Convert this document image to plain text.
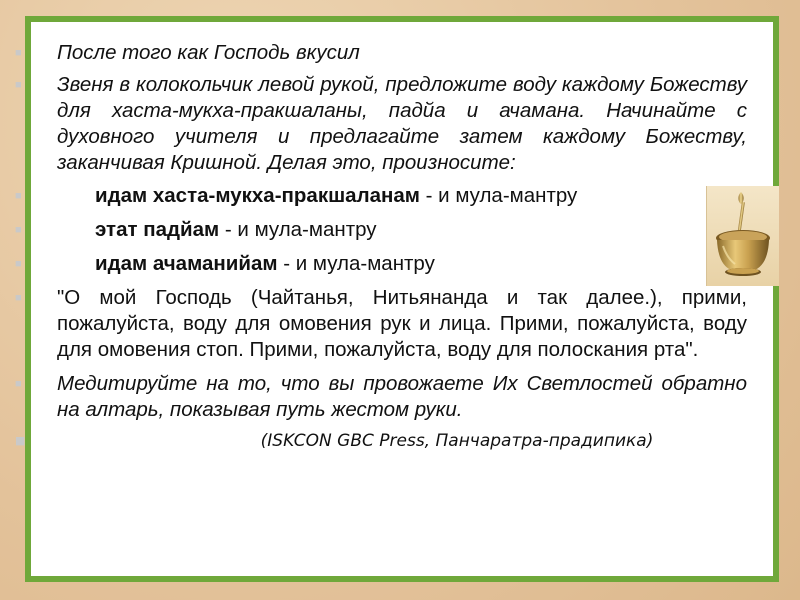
■ После того как Господь вкусил

■ Звеня в колокольчик левой рукой, предложите воду каждому Божеству для хаста-мукха-пракшаланы, падйа и ачамана. Начинайте с духовного учителя и предлагайте затем каждому Божеству, заканчивая Кришной. Делая это, произносите:

■	идам хаста-мукха-пракшаланам - и мула-мантру

■	этат падйам - и мула-мантру

■	идам ачаманийам - и мула-мантру

■ "О мой Господь (Чайтанья, Нитьянанда и так далее.), прими, пожалуйста, воду для омовения рук и лица. Прими, пожалуйста, воду для омовения стоп. Прими, пожалуйста, воду для полоскания рта".

■ Медитируйте на то, что вы провожаете Их Светлостей обратно на алтарь, показывая путь жестом руки.

■	(ISKCON GBC Press, Панчаратра-прадипика)
